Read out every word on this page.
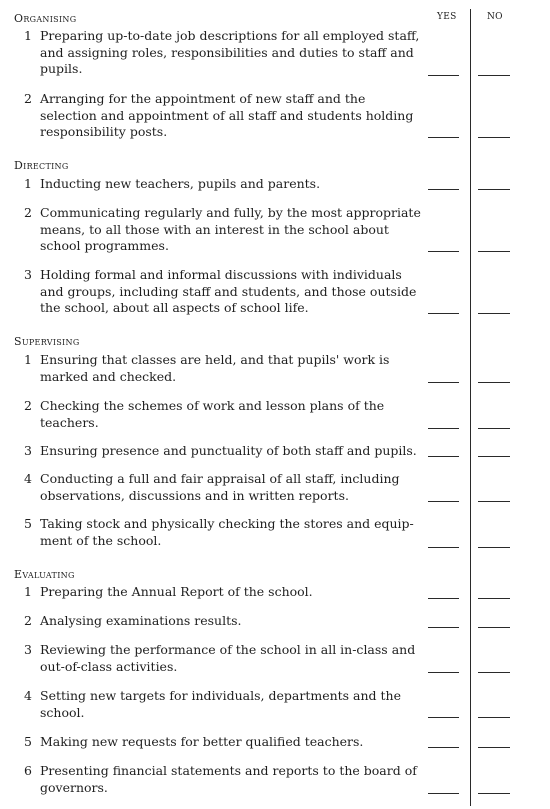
YES	NO
Organising
1 Preparing up-to-date job descriptions for all employed staff, and assigning roles, responsibilities and duties to staff and pupils.
2 Arranging for the appointment of new staff and the selection and appointment of all staff and students holding responsibility posts.
Directing
1 Inducting new teachers, pupils and parents.
2 Communicating regularly and fully, by the most appropriate means, to all those with an interest in the school about school programmes.
3 Holding formal and informal discussions with individuals and groups, including staff and students, and those outside the school, about all aspects of school life.
Supervising
1 Ensuring that classes are held, and that pupils' work is marked and checked.
2 Checking the schemes of work and lesson plans of the teachers.
3 Ensuring presence and punctuality of both staff and pupils.
4 Conducting a full and fair appraisal of all staff, including observations, discussions and in written reports.
5 Taking stock and physically checking the stores and equip-ment of the school.
Evaluating
1 Preparing the Annual Report of the school.
2 Analysing examinations results.
3 Reviewing the performance of the school in all in-class and out-of-class activities.
4 Setting new targets for individuals, departments and the school.
5 Making new requests for better qualified teachers.
6 Presenting financial statements and reports to the board of governors.
